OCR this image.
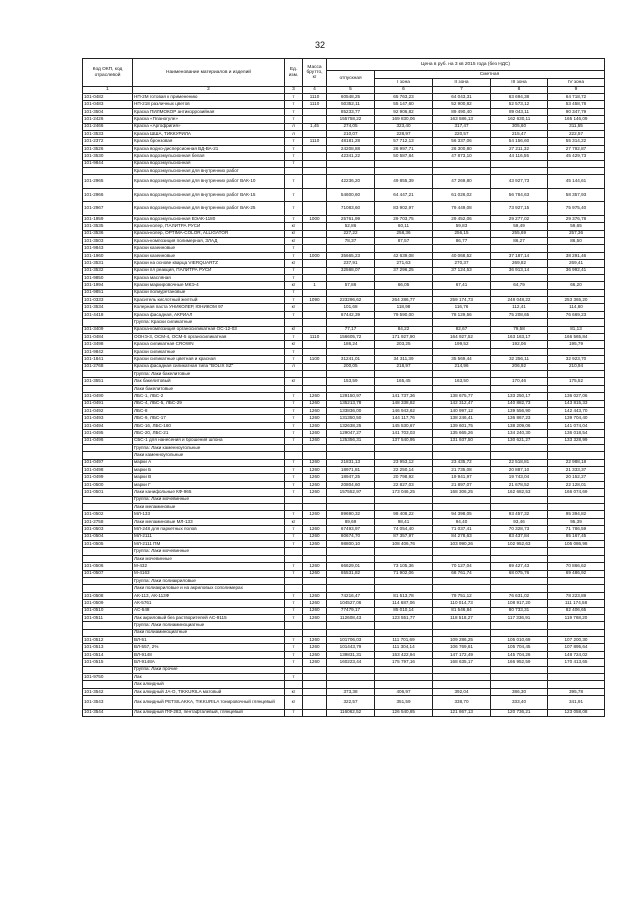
32
Код ОКП, код отраслевой	Наименование материалов и изделий	Ед. изм.	Масса брутто, кг	Цена в руб. на 3 кв 2015 года (без НДС)				
				отпускная	Сметная			
					I зона	II зона	III зона	IV зона
1	2	3	4	5	6	7	8	9
101-0482	НП-2М готовая к применению	т	1110	60548,25	65 763,23	64 043,31	63 694,38	64 718,72
101-0483	НП-218 различных цветов	т	1110	50352,11	55 147,60	52 900,82	52 573,12	53 458,78
101-3504	Краска ПИЛМОКОР антикоррозийная	т		85233,77	92 906,82	89 490,40	89 043,11	90 347,79
101-2426	Краска «Планогуле»	т		155758,22	169 830,06	163 586,13	162 630,11	165 146,09
101-2466	Краска «Аргофригия»	л	1,45	274,05	323,40	317,47	305,60	311,55
101-3533	Краска ШША, ТИККУРИЛА	л		210,07	228,97	220,57	215,47	222,57
101-2372	Краска бронзовая	т	1110	48181,28	57 712,13	56 337,06	54 156,60	55 314,22
101-3526	Краска водно-дисперсионная ВД-ВА-21	т		24208,88	26 997,71	26 300,80	27 211,32	27 792,87
101-3530	Краска водоэмульсионная белая	т		42341,22	50 587,84	47 873,10	44 116,55	45 429,73
101-9844	Краска водоэмульсионная	т						
	Краска водоэмульсионная для внутренних работ							
101-2965	Краска водоэмульсионная для внутренних работ ВАК-10	т		42236,20	49 855,39	47 269,80	43 927,73	45 144,61
101-2966	Краска водоэмульсионная для внутренних работ ВАК-15	т		54600,60	64 447,21	61 026,02	56 784,63	58 357,93
101-2967	Краска водоэмульсионная для внутренних работ ВАК-25	т		71083,60	83 902,97	79 449,08	73 927,15	75 975,40
101-1959	Краска водоэмульсионная ВЭАК-1180	т	1000	25761,99	29 703,75	29 452,06	29 277,02	29 376,78
101-3535	Краска-колер, ПАЛИТРА РУСИ	кг		52,86	60,11	59,83	59,49	59,65
101-3536	Краска-колер, OPTIMA-COLOR, ALLIGATOR	кг		227,22	258,36	256,15	255,69	257,36
101-3503	Краска-композиция полимерная, ЗЛАД	кг		78,37	87,57	86,77	86,27	86,50
101-9843	Краски казеиновые	т						
101-1960	Краски казеиновые	т	1000	35665,23	42 639,08	40 068,52	37 187,14	38 291,46
101-3531	Краски на основе кварца VIERQUARTZ	кг		237,91	271,63	270,37	269,82	269,41
101-3532	Краски пл реакция, ПАЛИТРА РУСИ	т		32568,07	37 296,25	37 124,53	36 913,14	36 992,41
101-9850	Краска масляная	т						
101-1994	Краски маркировочные МКЭ-4	кг	1	57,86	66,05	67,41	64,79	66,20
101-9851	Краски полиуретановые	т						
101-0333	Краситель кислотный желтый	т	1090	223296,62	264 286,77	259 174,73	248 048,22	253 365,20
101-3534	Колерная паста УНИКОЛЕР, ЮНИКОМ 97	кг		101,68	118,98	116,76	112,41	114,60
101-4418	Краска фасадная, АКРИАЛ	т		67442,39	79 590,00	78 129,56	75 208,65	76 669,23
	Группа: Краски силикатные							
101-3409	Краска-композиция органосиликатная ОС-12-03	кг		77,17	84,22	82,67	79,58	81,13
101-0484	ООНЭ-3, ОСМ-4, ОСМ-5 органосиликатная	т	1110	156605,72	171 927,90	164 927,52	163 163,17	166 565,84
101-3498	Краска силикатная CROWN	кг		186,24	203,25	199,52	192,06	195,79
101-9842	Краски силикатные	т						
101-1841	Краски силикатные цветная и красная	т	1100	31241,01	34 311,39	35 569,44	32 256,11	32 923,70
101-2768	Краска фасадная силикатная типа "BOLIX SZ"	л		200,05	218,97	214,96	206,92	210,94
	Группа: Лаки бакелитовые							
101-3551	Лак бакелитовый	кг		153,59	165,45	163,50	170,46	175,52
	Лаки бакелитовые							
101-0490	ЛБС-1, ЛБС-2	т	1260	129150,97	141 737,36	138 675,77	133 250,17	136 027,06
101-0491	ЛБС-4, ЛБС-5, ЛБС-29	т	1260	135213,78	148 338,82	142 312,47	140 882,73	143 815,33
101-0492	ЛБС-8	т	1260	133836,00	146 943,62	140 997,12	139 556,90	142 443,70
101-0493	ЛБС-9, ЛБС-17	т	1260	131350,50	144 117,76	138 246,41	136 867,23	139 704,40
101-0494	ЛБС-16, ЛБС-160	т	1260	132638,25	145 530,67	139 601,75	138 209,06	141 074,04
101-0495	ЛБС-20, ЛБС-21	т	1260	129047,27	141 703,03	135 665,26	134 240,30	136 018,54
101-0496	СБС-1 для нанесения и брошения шпона	т	1260	125356,31	137 540,95	131 937,50	130 621,27	133 328,99
	Группа: Лаки каменноугольные							
	Лаки каменноугольные							
101-0497	марки А	т	1260	21831,13	23 953,12	23 435,72	22 518,81	22 988,18
101-0498	марки Б	т	1260	18971,81	22 250,14	21 735,08	20 887,10	21 333,37
101-0499	марки В	т	1260	18947,25	20 798,92	19 941,97	19 743,04	20 152,27
101-0500	марки Г	т	1260	20804,60	22 827,03	21 897,07	21 678,52	22 128,01
101-0501	Лаки канифольные КФ-965	т	1260	157552,97	173 046,25	168 306,25	162 682,53	166 074,69
	Группа: Лаки мочевинные							
	Лаки меламиновые							
101-0502	МЛ-133	т	1260	89690,32	98 408,22	94 398,05	93 457,32	95 394,82
101-2758	Лаки меламиновые МЛ-133	кг		89,69	98,41	94,40	93,46	95,39
101-0503	МЛ-248 для паркетных полов	т	1260	67493,97	74 054,40	71 037,41	70 328,73	71 786,59
101-0504	МЛ-2111	т	1260	80674,70	87 357,97	84 278,63	83 437,84	85 167,45
101-0505	МЛ-2111 ПМ	т	1260	98800,10	108 406,76	103 990,26	102 952,63	105 086,98
	Группа: Лаки мочевинные							
	Лаки мочевинные							
101-0506	М-432	т	1260	66629,01	73 105,36	70 127,04	69 427,43	70 866,62
101-0507	М-4163	т	1260	65531,82	71 902,06	68 761,74	68 075,76	69 486,92
	Группа: Лаки полиакриловые							
	Лаки полиакриловые и на акриловых сополимерах							
101-0508	АК-113, АК-113Ф	т	1260	74216,47	81 513,78	79 751,12	76 631,02	78 223,89
101-0509	АК-5761	т	1260	104527,06	114 687,06	110 014,73	108 917,20	111 174,58
101-0510	АС-548	т	1260	77479,17	85 010,14	81 546,84	80 733,31	82 406,65
101-0511	Лак акриловый без растворителей АС-9115	т	1260	112608,43	123 551,77	118 518,27	117 336,91	119 768,20
	Группа: Лаки полиаминоциатные							
	Лаки полиаминоциатные							
101-0512	ВЛ-51	т	1260	101706,03	111 701,69	109 286,25	105 010,69	107 200,30
101-0513	ВЛ-557, 2%	т	1260	101443,79	111 304,14	106 769,61	105 704,45	107 895,64
101-0514	ВЛ-9148	т	1260	139831,31	153 422,94	147 172,49	145 704,26	148 724,02
101-0515	ВЛ-9148А	т	1260	160223,44	175 797,16	168 635,17	166 952,59	170 413,65
	Группа: Лаки прочие							
101-9750	Лак	т						
	Лак алкидный							
101-3542	Лак алкидный JA-O, TIKKURILA матовый	кг		373,38	406,97	392,04	386,30	395,78
101-3543	Лак алкидный PETSILAKKA, TIKKURILA тонировочный глянцевый	кг		322,57	351,59	338,70	333,40	341,91
101-3544	Лак алкидный ПФ-283, пентафталевый, глянцевый	т		116062,52	126 540,85	121 867,13	120 736,21	123 058,08
